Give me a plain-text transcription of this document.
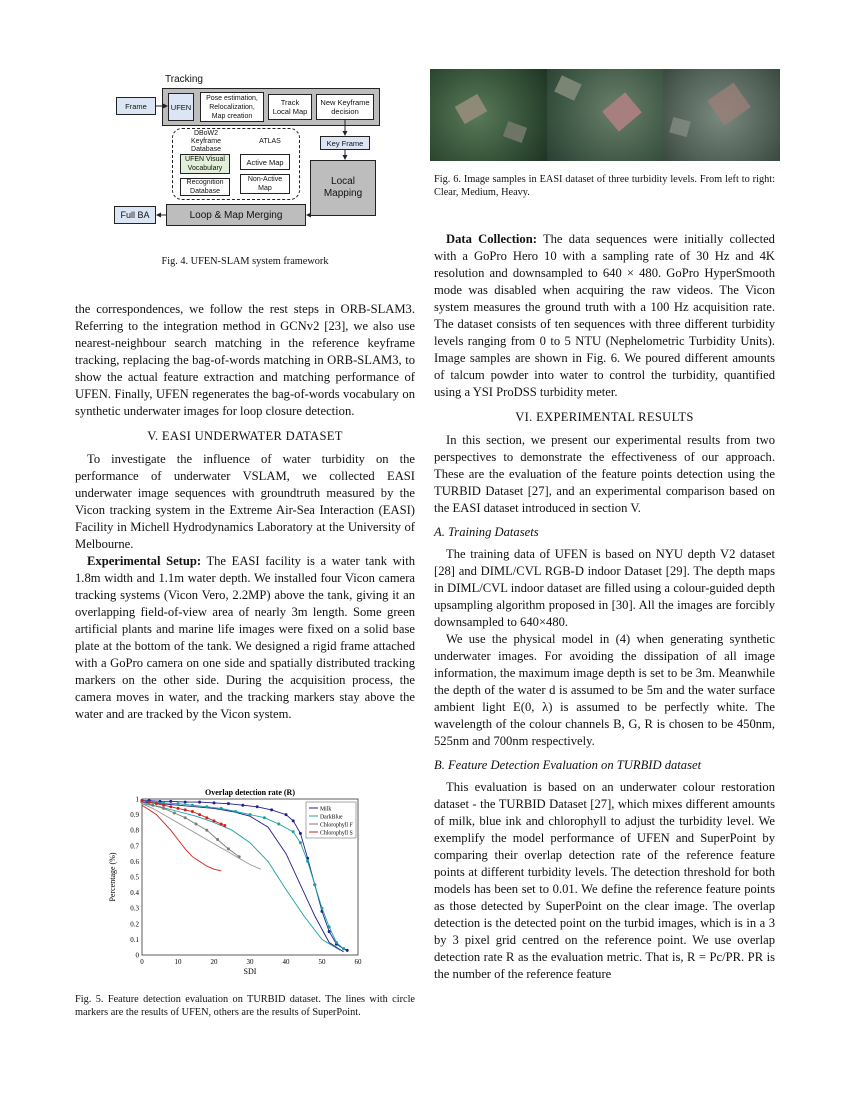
Tracking
Frame	UFEN
Pose estimation,
Relocalization,
Map creation
Track
Local Map
New Keyframe
decision
DBoW2 Keyframe
Database
ATLAS
UFEN Visual
Vocabulary
Recognition
Database
Active Map
Non-Active
Map
Key Frame
Local
Mapping
Full BA	Loop & Map Merging
Fig. 4. UFEN-SLAM system framework

the correspondences, we follow the rest steps in ORB-SLAM3. Referring to the integration method in GCNv2 [23], we also use nearest-neighbour search matching in the reference keyframe tracking, replacing the bag-of-words matching in ORB-SLAM3, to show the actual feature extraction and matching performance of UFEN. Finally, UFEN regenerates the bag-of-words vocabulary on synthetic underwater images for loop closure detection.

V. EASI UNDERWATER DATASET

To investigate the influence of water turbidity on the performance of underwater VSLAM, we collected EASI underwater image sequences with groundtruth measured by the Vicon tracking system in the Extreme Air-Sea Interaction (EASI) Facility in Michell Hydrodynamics Laboratory at the University of Melbourne.

Experimental Setup: The EASI facility is a water tank with 1.8m width and 1.1m water depth. We installed four Vicon camera tracking systems (Vicon Vero, 2.2MP) above the tank, giving it an overlapping field-of-view area of nearly 3m length. Some green artificial plants and marine life images were fixed on a solid base plate at the bottom of the tank. We designed a rigid frame attached with a GoPro camera on one side and spatially distributed tracking markers on the other side. During the acquisition process, the camera moves in water, and the tracking markers stay above the water and are tracked by the Vicon system.

Overlap detection rate (R)
0	10	20	30	40	50	60
0
0.1
0.2
0.3
0.4
0.5
0.6
0.7
0.8
0.9
1
SDI
Percentage (%)
Milk
DarkBlue
Chlorophyll F
Chlorophyll S
Fig. 5. Feature detection evaluation on TURBID dataset. The lines with circle markers are the results of UFEN, others are the results of SuperPoint.
Fig. 6. Image samples in EASI dataset of three turbidity levels. From left to right: Clear, Medium, Heavy.

Data Collection: The data sequences were initially collected with a GoPro Hero 10 with a sampling rate of 30 Hz and 4K resolution and downsampled to 640 × 480. GoPro HyperSmooth mode was disabled when acquiring the raw videos. The Vicon system measures the ground truth with a 100 Hz acquisition rate. The dataset consists of ten sequences with three different turbidity levels ranging from 0 to 5 NTU (Nephelometric Turbidity Units). Image samples are shown in Fig. 6. We poured different amounts of talcum powder into water to control the turbidity, quantified using a YSI ProDSS turbidity meter.

VI. EXPERIMENTAL RESULTS

In this section, we present our experimental results from two perspectives to demonstrate the effectiveness of our approach. These are the evaluation of the feature points detection using the TURBID Dataset [27], and an experimental comparison based on the EASI dataset introduced in section V.

A. Training Datasets

The training data of UFEN is based on NYU depth V2 dataset [28] and DIML/CVL RGB-D indoor Dataset [29]. The depth maps in DIML/CVL indoor dataset are filled using a colour-guided depth upsampling algorithm proposed in [30]. All the images are forcibly downsampled to 640×480.

We use the physical model in (4) when generating synthetic underwater images. For avoiding the dissipation of all image information, the maximum image depth is set to be 3m. Meanwhile the depth of the water d is assumed to be 5m and the water surface ambient light E(0, λ) is assumed to be perfectly white. The wavelength of the colour channels B, G, R is chosen to be 450nm, 525nm and 700nm respectively.

B. Feature Detection Evaluation on TURBID dataset

This evaluation is based on an underwater colour restoration dataset - the TURBID Dataset [27], which mixes different amounts of milk, blue ink and chlorophyll to adjust the turbidity level. We exemplify the model performance of UFEN and SuperPoint by comparing their overlap detection rate of the reference feature points at different turbidity levels. The detection threshold for both models has been set to 0.01. We define the reference feature points as those detected by SuperPoint on the clear image. The overlap detection is the detected point on the turbid images, which is in a 3 by 3 pixel grid centred on the reference point. We use overlap detection rate R as the evaluation metric. That is, R = Pc/PR. PR is the number of the reference feature
